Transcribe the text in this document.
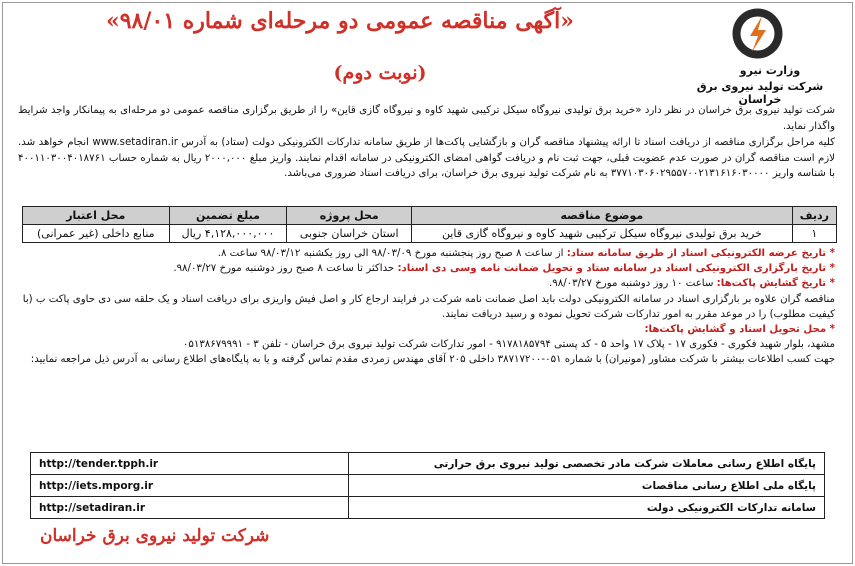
«آگهی مناقصه عمومی دو مرحله‌ای شماره ۹۸/۰۱»
(نوبت دوم)	وزارت نیرو
شرکت تولید نیروی برق خراسان
شرکت تولید نیروی برق خراسان در نظر دارد «خرید برق تولیدی نیروگاه سیکل ترکیبی شهید کاوه و نیروگاه گازی قاین» را از طریق برگزاری مناقصه عمومی دو مرحله‌ای به پیمانکار واجد شرایط واگذار نماید.
کلیه مراحل برگزاری مناقصه از دریافت اسناد تا ارائه پیشنهاد مناقصه گران و بازگشایی پاکت‌ها از طریق سامانه تدارکات الکترونیکی دولت (ستاد) به آدرس www.setadiran.ir انجام خواهد شد. لازم است مناقصه گران در صورت عدم عضویت قبلی، جهت ثبت نام و دریافت گواهی امضای الکترونیکی در سامانه اقدام نمایند. واریز مبلغ ۲۰۰۰,۰۰۰ ریال به شماره حساب ۴۰۰۱۱۰۳۰۰۴۰۱۸۷۶۱ با شناسه واریز ۳۷۷۱۰۳۰۶۰۲۹۵۵۷۰۰۲۱۳۱۶۱۶۰۳۰۰۰۰ به نام شرکت تولید نیروی برق خراسان، برای دریافت اسناد ضروری می‌باشد.
ردیف	موضوع مناقصه	محل پروژه	مبلغ تضمین	محل اعتبار
۱	خرید برق تولیدی نیروگاه سیکل ترکیبی شهید کاوه و نیروگاه گازی قاین	استان خراسان جنوبی	۴,۱۲۸,۰۰۰,۰۰۰ ریال	منابع داخلی (غیر عمرانی)
* تاریخ عرضه الکترونیکی اسناد از طریق سامانه ستاد: از ساعت ۸ صبح روز پنجشنبه مورخ ۹۸/۰۳/۰۹ الی روز یکشنبه ۹۸/۰۳/۱۲ ساعت ۸.
* تاریخ بارگزاری الکترونیکی اسناد در سامانه ستاد و تحویل ضمانت نامه وسی دی اسناد: حداکثر تا ساعت ۸ صبح روز دوشنبه مورخ ۹۸/۰۳/۲۷.
* تاریخ گشایش پاکت‌ها: ساعت ۱۰ روز دوشنبه مورخ ۹۸/۰۳/۲۷.
مناقصه گران علاوه بر بارگزاری اسناد در سامانه الکترونیکی دولت باید اصل ضمانت نامه شرکت در فرایند ارجاع کار و اصل فیش واریزی برای دریافت اسناد و یک حلقه سی دی حاوی پاکت ب (با کیفیت مطلوب) را در موعد مقرر به امور تدارکات شرکت تحویل نموده و رسید دریافت نمایند.
* محل تحویل اسناد و گشایش پاکت‌ها:
مشهد، بلوار شهید فکوری - فکوری ۱۷ - پلاک ۱۷ واحد ۵ - کد پستی ۹۱۷۸۱۸۵۷۹۴ - امور تدارکات شرکت تولید نیروی برق خراسان - تلفن ۳ - ۰۵۱۳۸۶۷۹۹۹۱
جهت کسب اطلاعات بیشتر با شرکت مشاور (مونیران) با شماره ۰۵۱-۳۸۷۱۷۲۰۰ داخلی ۲۰۵ آقای مهندس زمردی مقدم تماس گرفته و یا به پایگاه‌های اطلاع رسانی به آدرس ذیل مراجعه نمایید:
پایگاه اطلاع رسانی معاملات شرکت مادر تخصصی تولید نیروی برق حرارتی	http://tender.tpph.ir
پایگاه ملی اطلاع رسانی مناقصات	http://iets.mporg.ir
سامانه تدارکات الکترونیکی دولت	http://setadiran.ir
شرکت تولید نیروی برق خراسان
